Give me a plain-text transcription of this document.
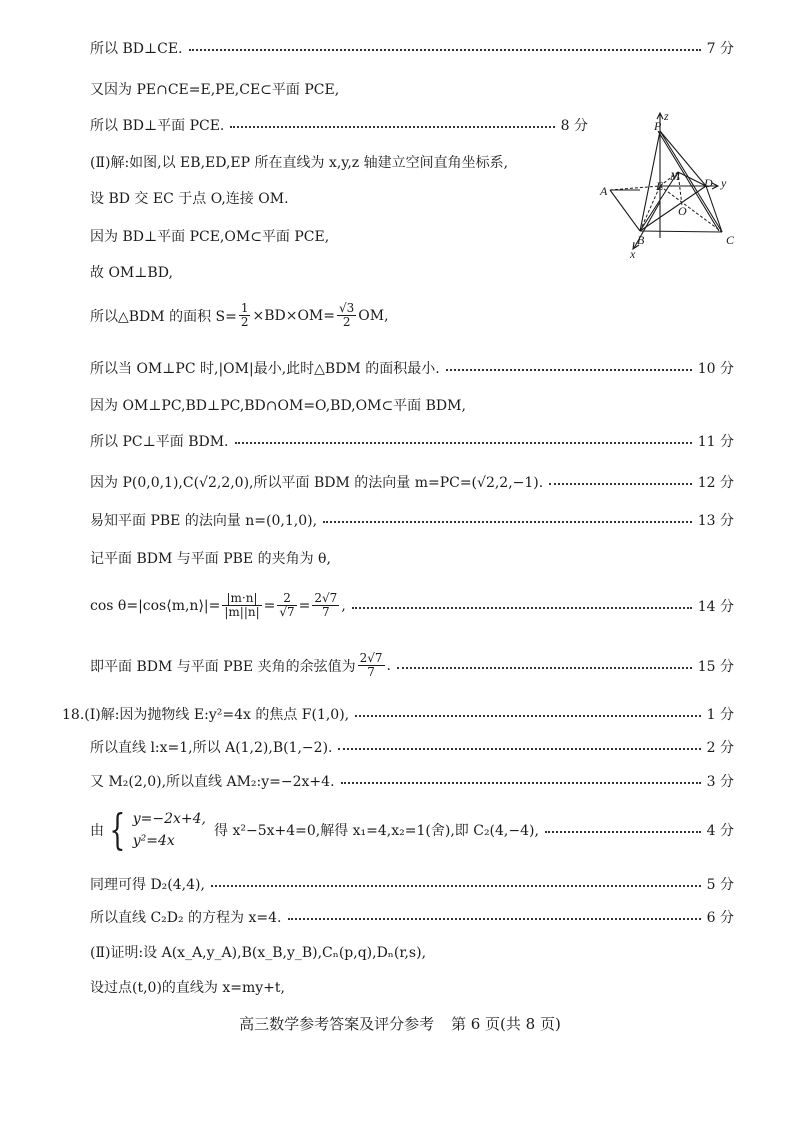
所以 BD⊥CE.	7 分
又因为 PE∩CE=E,PE,CE⊂平面 PCE,
所以 BD⊥平面 PCE.	8 分
(Ⅱ)解:如图,以 EB,ED,EP 所在直线为 x,y,z 轴建立空间直角坐标系,
设 BD 交 EC 于点 O,连接 OM.
因为 BD⊥平面 PCE,OM⊂平面 PCE,
故 OM⊥BD,
所以△BDM 的面积 $S= \frac{1}{2} \times BD\times OM= \frac{√3}{2}$ OM,
所以当 OM⊥PC 时,|OM|最小,此时△BDM 的面积最小.	10 分
因为 OM⊥PC,BD⊥PC,BD∩OM=O,BD,OM⊂平面 BDM,
所以 PC⊥平面 BDM.	11 分
因为 P(0,0,1),C(√2,2,0),所以平面 BDM 的法向量 m=PC=(√2,2,−1).	12 分
易知平面 PBE 的法向量 n=(0,1,0),	13 分
记平面 BDM 与平面 PBE 的夹角为 θ,
cos θ=|cos⟨m,n⟩|= $\frac{|m\cdot n|}{|m||n|} = \frac{2}{√7} = \frac{2√7}{7}$ ,	14 分
即平面 BDM 与平面 PBE 夹角的余弦值为 $\frac{2√7}{7}$ .	15 分
18.(Ⅰ)解:因为抛物线 E:y²=4x 的焦点 F(1,0),	1 分
所以直线 l:x=1,所以 A(1,2),B(1,−2).	2 分
又 M₂(2,0),所以直线 AM₂:y=−2x+4.	3 分
由 { y=−2x+4,
y²=4x
得 x²−5x+4=0,解得 x₁=4,x₂=1(舍),即 C₂(4,−4),	4 分
同理可得 D₂(4,4),	5 分
所以直线 C₂D₂ 的方程为 x=4.	6 分
(Ⅱ)证明:设 A(x_A,y_A),B(x_B,y_B),Cₙ(p,q),Dₙ(r,s),
设过点(t,0)的直线为 x=my+t,
z
P
A	E
M D y
O
B	C
x
高三数学参考答案及评分参考 第 6 页(共 8 页)
